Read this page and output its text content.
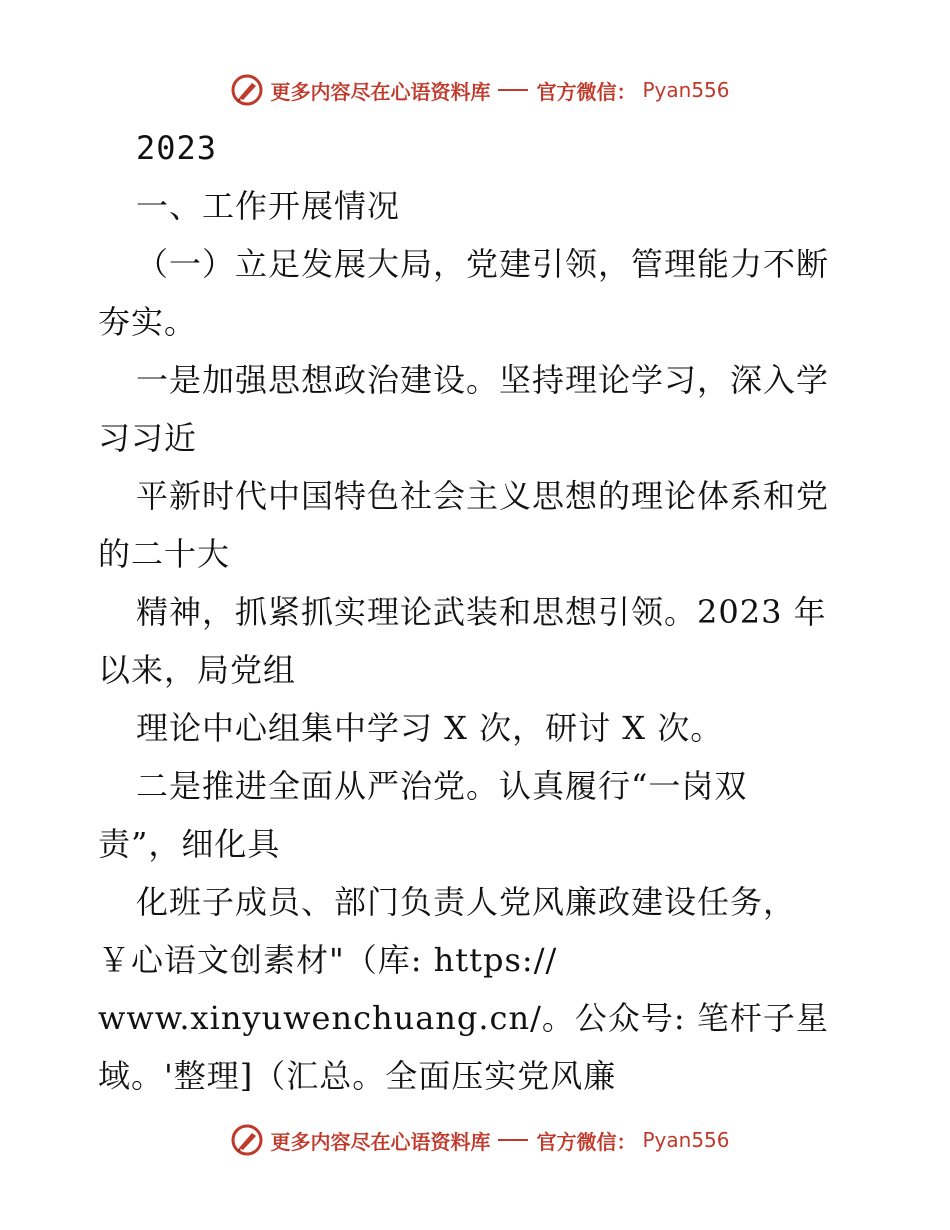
更多内容尽在心语资料库 官方微信： Pyan556
2023
一、工作开展情况
（一）立足发展大局，党建引领，管理能力不断
夯实。
一是加强思想政治建设。坚持理论学习，深入学
习习近
平新时代中国特色社会主义思想的理论体系和党
的二十大
精神，抓紧抓实理论武装和思想引领。2023 年
以来，局党组
理论中心组集中学习 X 次，研讨 X 次。
二是推进全面从严治党。认真履行“一岗双
责”，细化具
化班子成员、部门负责人党风廉政建设任务，
￥心语文创素材"（库: https://
www.xinyuwenchuang.cn/。公众号: 笔杆子星
域。'整理]（汇总。全面压实党风廉
更多内容尽在心语资料库 官方微信： Pyan556
